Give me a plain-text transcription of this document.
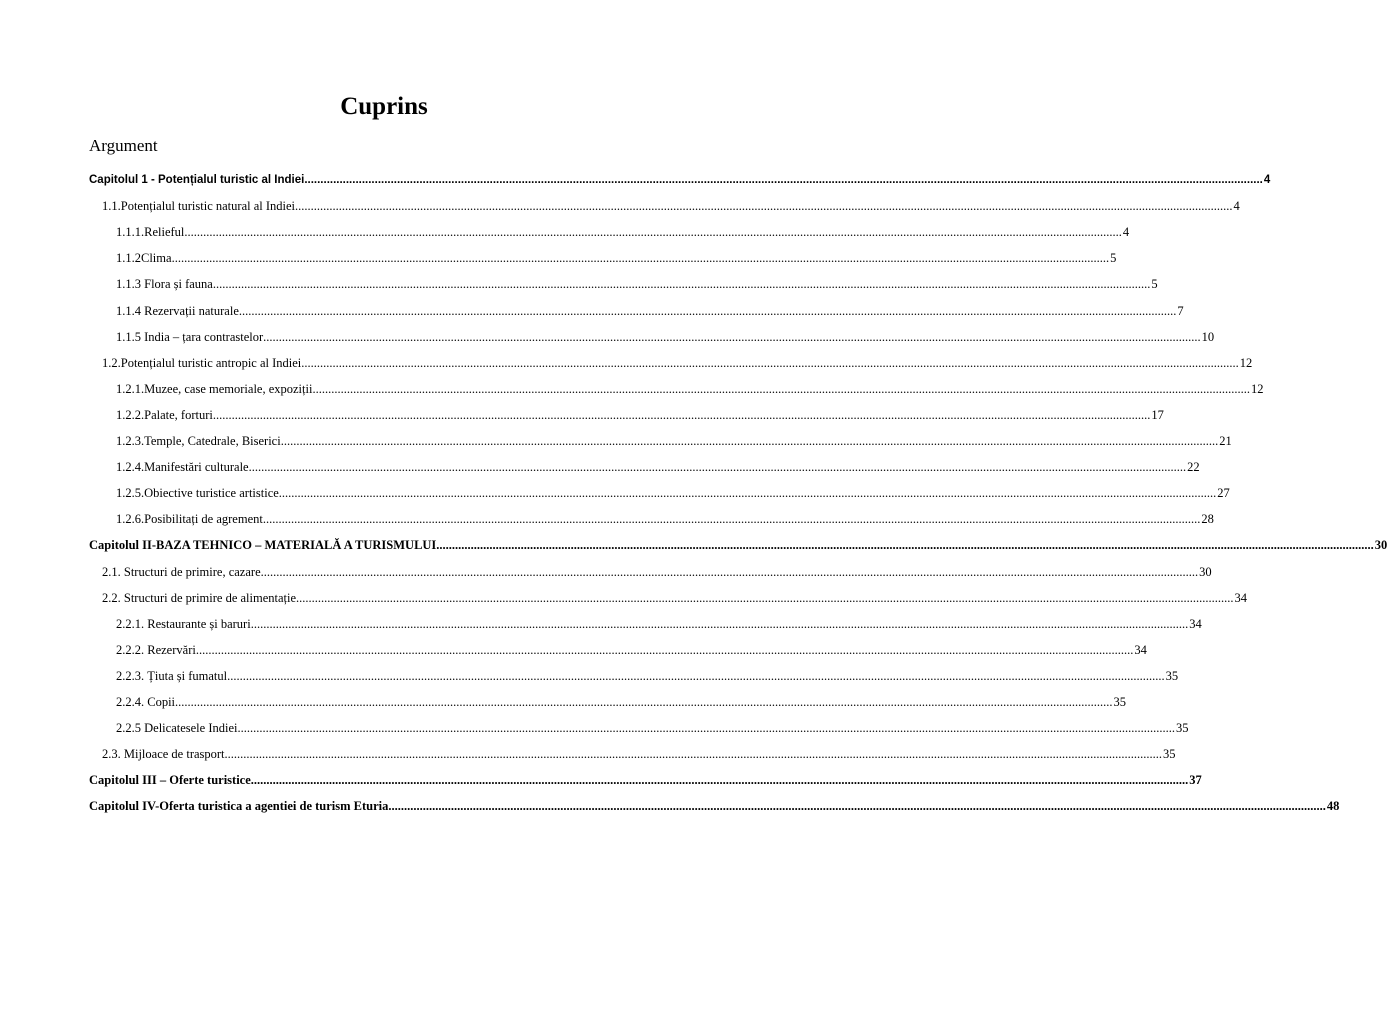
Cuprins
Argument
Capitolul 1 - Potențialul turistic al Indiei ............................................................................................................................................................................................................................................................................................................ 4
1.1.Potențialul turistic natural al Indiei ............................................................................................................................................................................................................................................................................................................ 4
1.1.1.Relieful ............................................................................................................................................................................................................................................................................................................ 4
1.1.2Clima ............................................................................................................................................................................................................................................................................................................ 5
1.1.3 Flora și fauna ............................................................................................................................................................................................................................................................................................................ 5
1.1.4 Rezervații naturale ............................................................................................................................................................................................................................................................................................................ 7
1.1.5 India – țara contrastelor ............................................................................................................................................................................................................................................................................................................ 10
1.2.Potențialul turistic antropic al Indiei ............................................................................................................................................................................................................................................................................................................ 12
1.2.1.Muzee, case memoriale, expoziții ............................................................................................................................................................................................................................................................................................................ 12
1.2.2.Palate, forturi ............................................................................................................................................................................................................................................................................................................ 17
1.2.3.Temple, Catedrale, Biserici ............................................................................................................................................................................................................................................................................................................ 21
1.2.4.Manifestări culturale ............................................................................................................................................................................................................................................................................................................ 22
1.2.5.Obiective turistice artistice ............................................................................................................................................................................................................................................................................................................ 27
1.2.6.Posibilitați de agrement ............................................................................................................................................................................................................................................................................................................ 28
Capitolul II-BAZA TEHNICO – MATERIALĂ A TURISMULUI ............................................................................................................................................................................................................................................................................................................ 30
2.1. Structuri de primire, cazare ............................................................................................................................................................................................................................................................................................................ 30
2.2. Structuri de primire de alimentație ............................................................................................................................................................................................................................................................................................................ 34
2.2.1. Restaurante și baruri ............................................................................................................................................................................................................................................................................................................ 34
2.2.2. Rezervări ............................................................................................................................................................................................................................................................................................................ 34
2.2.3. Țiuta și fumatul ............................................................................................................................................................................................................................................................................................................ 35
2.2.4. Copii ............................................................................................................................................................................................................................................................................................................ 35
2.2.5 Delicatesele Indiei ............................................................................................................................................................................................................................................................................................................ 35
2.3. Mijloace de trasport ............................................................................................................................................................................................................................................................................................................ 35
Capitolul III – Oferte turistice ............................................................................................................................................................................................................................................................................................................ 37
Capitolul IV-Oferta turistica a agentiei de turism Eturia ............................................................................................................................................................................................................................................................................................................ 48
